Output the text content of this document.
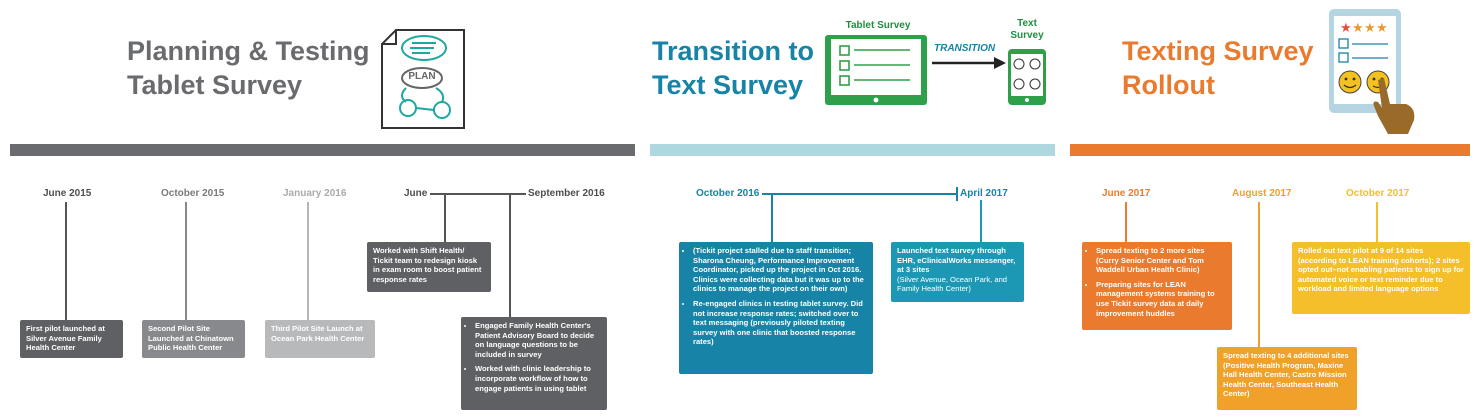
Planning & Testing
Tablet Survey
Transition to
Text Survey
Texting Survey
Rollout
PLAN
Tablet Survey
TRANSITION
Text
Survey	★ ★ ★ ★
June 2015
First pilot launched at Silver Avenue Family Health Center
October 2015
Second Pilot Site Launched at Chinatown Public Health Center
January 2016
Third Pilot Site Launch at Ocean Park Health Center
June	September 2016
Worked with Shift Health/ Tickit team to redesign kiosk in exam room to boost patient response rates
• Engaged Family Health Center's Patient Advisory Board to decide on language questions to be included in survey
• Worked with clinic leadership to incorporate workflow of how to engage patients in using tablet
October 2016	April 2017
• (Tickit project stalled due to staff transition; Sharona Cheung, Performance Improvement Coordinator, picked up the project in Oct 2016. Clinics were collecting data but it was up to the clinics to manage the project on their own)
• Re-engaged clinics in testing tablet survey. Did not increase response rates; switched over to text messaging (previously piloted texting survey with one clinic that boosted response rates)
Launched text survey through EHR, eClinicalWorks messenger, at 3 sites
(Silver Avenue, Ocean Park, and Family Health Center)
June 2017
• Spread texting to 2 more sites (Curry Senior Center and Tom Waddell Urban Health Clinic)
• Preparing sites for LEAN management systems training to use Tickit survey data at daily improvement huddles
August 2017
Spread texting to 4 additional sites (Positive Health Program, Maxine Hall Health Center, Castro Mission Health Center, Southeast Health Center)
October 2017
Rolled out text pilot at 9 of 14 sites (according to LEAN training cohorts); 2 sites opted out–not enabling patients to sign up for automated voice or text reminder due to workload and limited language options
